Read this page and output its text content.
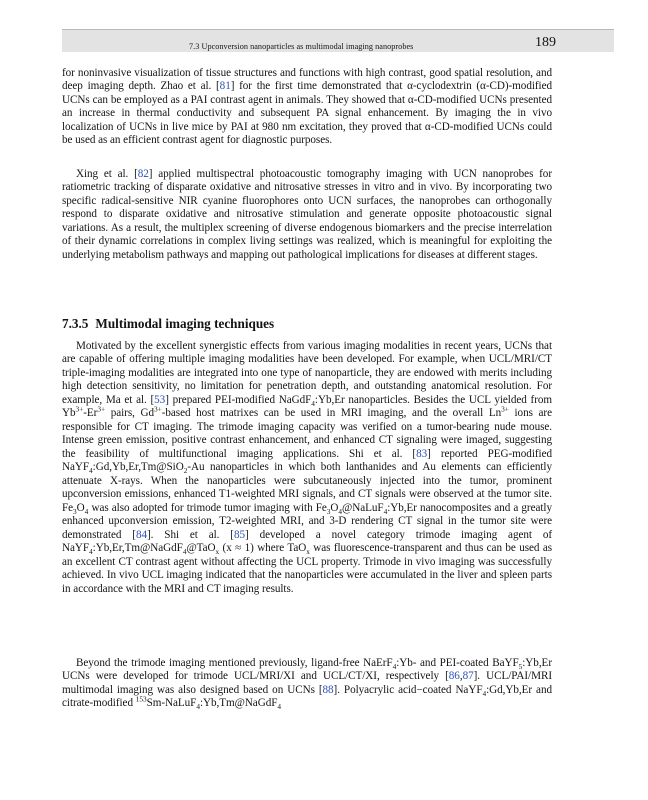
7.3 Upconversion nanoparticles as multimodal imaging nanoprobes	189

for noninvasive visualization of tissue structures and functions with high contrast, good spatial resolution, and deep imaging depth. Zhao et al. [81] for the first time demonstrated that α-cyclodextrin (α-CD)-modified UCNs can be employed as a PAI contrast agent in animals. They showed that α-CD-modified UCNs presented an increase in thermal conductivity and subsequent PA signal enhancement. By imaging the in vivo localization of UCNs in live mice by PAI at 980 nm excitation, they proved that α-CD-modified UCNs could be used as an efficient contrast agent for diagnostic purposes.

Xing et al. [82] applied multispectral photoacoustic tomography imaging with UCN nanoprobes for ratiometric tracking of disparate oxidative and nitrosative stresses in vitro and in vivo. By incorporating two specific radical-sensitive NIR cyanine fluorophores onto UCN surfaces, the nanoprobes can orthogonally respond to disparate oxidative and nitrosative stimulation and generate opposite photoacoustic signal variations. As a result, the multiplex screening of diverse endogenous biomarkers and the precise interrelation of their dynamic correlations in complex living settings was realized, which is meaningful for exploiting the underlying metabolism pathways and mapping out pathological implications for diseases at different stages.

7.3.5 Multimodal imaging techniques

Motivated by the excellent synergistic effects from various imaging modalities in recent years, UCNs that are capable of offering multiple imaging modalities have been developed. For example, when UCL/MRI/CT triple-imaging modalities are integrated into one type of nanoparticle, they are endowed with merits including high detection sensitivity, no limitation for penetration depth, and outstanding anatomical resolution. For example, Ma et al. [53] prepared PEI-modified NaGdF$_4$:Yb,Er nanoparticles. Besides the UCL yielded from $Yb^{3+}-Er^{3+}$ pairs, $Gd^{3+}$-based host matrixes can be used in MRI imaging, and the overall $Ln^{3+}$ ions are responsible for CT imaging. The trimode imaging capacity was verified on a tumor-bearing nude mouse. Intense green emission, positive contrast enhancement, and enhanced CT signaling were imaged, suggesting the feasibility of multifunctional imaging applications. Shi et al. [83] reported PEG-modified NaYF$_4$:Gd,Yb,Er,Tm@SiO$_2$-Au nanoparticles in which both lanthanides and Au elements can efficiently attenuate X-rays. When the nanoparticles were subcutaneously injected into the tumor, prominent upconversion emissions, enhanced T1-weighted MRI signals, and CT signals were observed at the tumor site. $Fe_3O_4$ was also adopted for trimode tumor imaging with $Fe_3O_4@NaLuF_4:Yb,Er$ nanocomposites and a greatly enhanced upconversion emission, T2-weighted MRI, and 3-D rendering CT signal in the tumor site were demonstrated [84]. Shi et al. [85] developed a novel category trimode imaging agent of NaYF$_4$:Yb,Er,Tm@NaGdF$_4$@TaO$_x$ (x ≈ 1) where TaO$_x$ was fluorescence-transparent and thus can be used as an excellent CT contrast agent without affecting the UCL property. Trimode in vivo imaging was successfully achieved. In vivo UCL imaging indicated that the nanoparticles were accumulated in the liver and spleen parts in accordance with the MRI and CT imaging results.

Beyond the trimode imaging mentioned previously, ligand-free NaErF$_4$:Yb- and PEI-coated BaYF$_5$:Yb,Er UCNs were developed for trimode UCL/MRI/XI and UCL/CT/XI, respectively [86,87]. UCL/PAI/MRI multimodal imaging was also designed based on UCNs [88]. Polyacrylic acid−coated NaYF$_4$:Gd,Yb,Er and citrate-modified $^{153}$Sm-NaLuF$_4$:Yb,Tm@NaGdF$_4$
